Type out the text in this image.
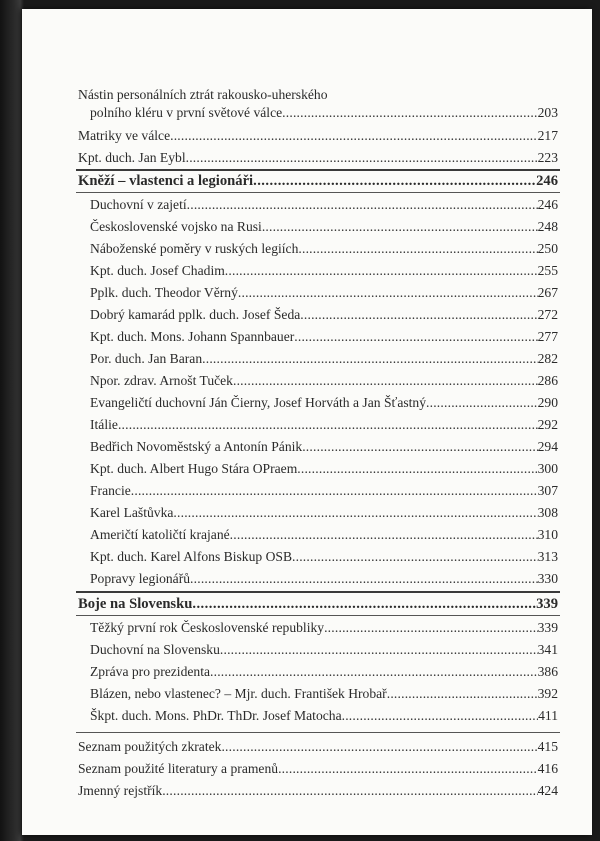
Nástin personálních ztrát rakousko-uherského
polního kléru v první světové válce . . .	203
Matriky ve válce . . .	217
Kpt. duch. Jan Eybl . . .	223
Kněží – vlastenci a legionáři . . .	246
Duchovní v zajetí . . .	246
Československé vojsko na Rusi . . .	248
Náboženské poměry v ruských legiích . . .	250
Kpt. duch. Josef Chadim . . .	255
Pplk. duch. Theodor Věrný . . .	267
Dobrý kamarád pplk. duch. Josef Šeda . . .	272
Kpt. duch. Mons. Johann Spannbauer . . .	277
Por. duch. Jan Baran . . .	282
Npor. zdrav. Arnošt Tuček . . .	286
Evangeličtí duchovní Ján Čierny, Josef Horváth a Jan Šťastný . . .	290
Itálie . . .	292
Bedřich Novoměstský a Antonín Pánik . . .	294
Kpt. duch. Albert Hugo Stára OPraem . . .	300
Francie . . .	307
Karel Laštůvka . . .	308
Američtí katoličtí krajané . . .	310
Kpt. duch. Karel Alfons Biskup OSB . . .	313
Popravy legionářů . . .	330
Boje na Slovensku . . .	339
Těžký první rok Československé republiky . . .	339
Duchovní na Slovensku . . .	341
Zpráva pro prezidenta . . .	386
Blázen, nebo vlastenec? – Mjr. duch. František Hrobař . . .	392
Škpt. duch. Mons. PhDr. ThDr. Josef Matocha . . .	411
Seznam použitých zkratek . . .	415
Seznam použité literatury a pramenů . . .	416
Jmenný rejstřík . . .	424
